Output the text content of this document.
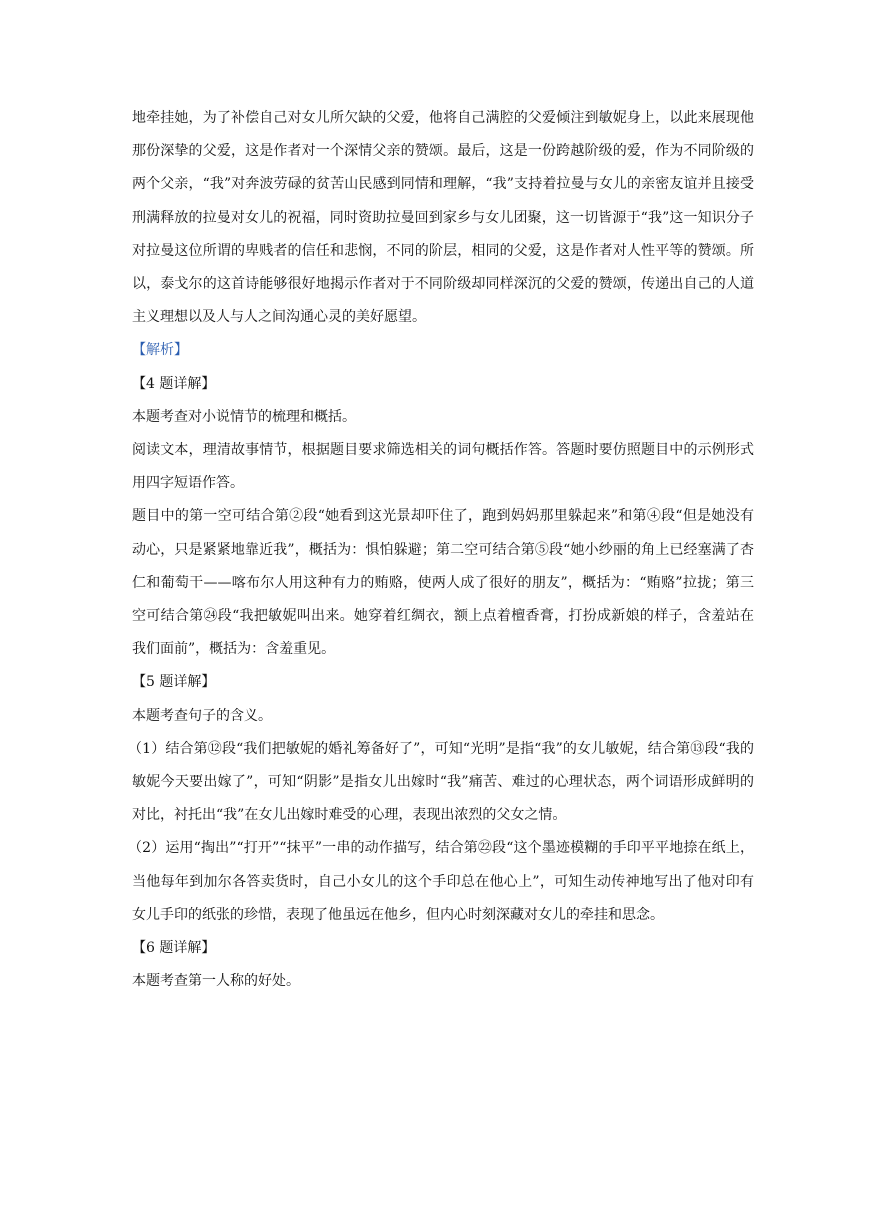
地牵挂她，为了补偿自己对女儿所欠缺的父爱，他将自己满腔的父爱倾注到敏妮身上，以此来展现他那份深挚的父爱，这是作者对一个深情父亲的赞颂。最后，这是一份跨越阶级的爱，作为不同阶级的两个父亲，“我”对奔波劳碌的贫苦山民感到同情和理解，“我”支持着拉曼与女儿的亲密友谊并且接受刑满释放的拉曼对女儿的祝福，同时资助拉曼回到家乡与女儿团聚，这一切皆源于“我”这一知识分子对拉曼这位所谓的卑贱者的信任和悲悯，不同的阶层，相同的父爱，这是作者对人性平等的赞颂。所以，泰戈尔的这首诗能够很好地揭示作者对于不同阶级却同样深沉的父爱的赞颂，传递出自己的人道主义理想以及人与人之间沟通心灵的美好愿望。

【解析】

【4 题详解】

本题考查对小说情节的梳理和概括。

阅读文本，理清故事情节，根据题目要求筛选相关的词句概括作答。答题时要仿照题目中的示例形式用四字短语作答。

题目中的第一空可结合第②段“她看到这光景却吓住了，跑到妈妈那里躲起来”和第④段“但是她没有动心，只是紧紧地靠近我”，概括为：惧怕躲避；第二空可结合第⑤段“她小纱丽的角上已经塞满了杏仁和葡萄干——喀布尔人用这种有力的贿赂，使两人成了很好的朋友”，概括为：“贿赂”拉拢；第三空可结合第㉔段“我把敏妮叫出来。她穿着红绸衣，额上点着檀香膏，打扮成新娘的样子，含羞站在我们面前”，概括为：含羞重见。

【5 题详解】

本题考查句子的含义。

（1）结合第⑫段“我们把敏妮的婚礼筹备好了”，可知“光明”是指“我”的女儿敏妮，结合第⑬段“我的敏妮今天要出嫁了”，可知“阴影”是指女儿出嫁时“我”痛苦、难过的心理状态，两个词语形成鲜明的对比，衬托出“我”在女儿出嫁时难受的心理，表现出浓烈的父女之情。

（2）运用“掏出”“打开”“抹平”一串的动作描写，结合第㉒段“这个墨迹模糊的手印平平地捺在纸上，当他每年到加尔各答卖货时，自己小女儿的这个手印总在他心上”，可知生动传神地写出了他对印有女儿手印的纸张的珍惜，表现了他虽远在他乡，但内心时刻深藏对女儿的牵挂和思念。

【6 题详解】

本题考查第一人称的好处。
